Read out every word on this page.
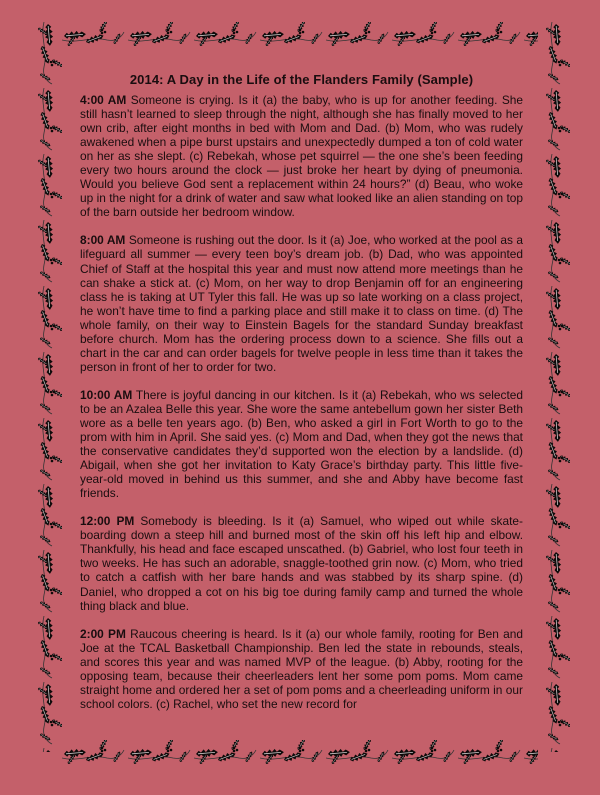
2014: A Day in the Life of the Flanders Family (Sample)

4:00 AM Someone is crying. Is it (a) the baby, who is up for another feeding. She still hasn’t learned to sleep through the night, although she has finally moved to her own crib, after eight months in bed with Mom and Dad. (b) Mom, who was rudely awakened when a pipe burst upstairs and unexpectedly dumped a ton of cold water on her as she slept. (c) Rebekah, whose pet squirrel — the one she’s been feeding every two hours around the clock — just broke her heart by dying of pneumonia. Would you believe God sent a replacement within 24 hours?” (d) Beau, who woke up in the night for a drink of water and saw what looked like an alien standing on top of the barn outside her bedroom window.

8:00 AM Someone is rushing out the door. Is it (a) Joe, who worked at the pool as a lifeguard all summer — every teen boy’s dream job. (b) Dad, who was appointed Chief of Staff at the hospital this year and must now attend more meetings than he can shake a stick at. (c) Mom, on her way to drop Benjamin off for an engineering class he is taking at UT Tyler this fall. He was up so late working on a class project, he won’t have time to find a parking place and still make it to class on time. (d) The whole family, on their way to Einstein Bagels for the standard Sunday breakfast before church. Mom has the ordering process down to a science. She fills out a chart in the car and can order bagels for twelve people in less time than it takes the person in front of her to order for two.

10:00 AM There is joyful dancing in our kitchen. Is it (a) Rebekah, who ws selected to be an Azalea Belle this year. She wore the same antebellum gown her sister Beth wore as a belle ten years ago. (b) Ben, who asked a girl in Fort Worth to go to the prom with him in April. She said yes. (c) Mom and Dad, when they got the news that the conservative candidates they’d supported won the election by a landslide. (d) Abigail, when she got her invitation to Katy Grace’s birthday party. This little five-year-old moved in behind us this summer, and she and Abby have become fast friends.

12:00 PM Somebody is bleeding. Is it (a) Samuel, who wiped out while skate-boarding down a steep hill and burned most of the skin off his left hip and elbow. Thankfully, his head and face escaped unscathed. (b) Gabriel, who lost four teeth in two weeks. He has such an adorable, snaggle-toothed grin now. (c) Mom, who tried to catch a catfish with her bare hands and was stabbed by its sharp spine. (d) Daniel, who dropped a cot on his big toe during family camp and turned the whole thing black and blue.

2:00 PM Raucous cheering is heard. Is it (a) our whole family, rooting for Ben and Joe at the TCAL Basketball Championship. Ben led the state in rebounds, steals, and scores this year and was named MVP of the league. (b) Abby, rooting for the opposing team, because their cheerleaders lent her some pom poms. Mom came straight home and ordered her a set of pom poms and a cheerleading uniform in our school colors. (c) Rachel, who set the new record for
